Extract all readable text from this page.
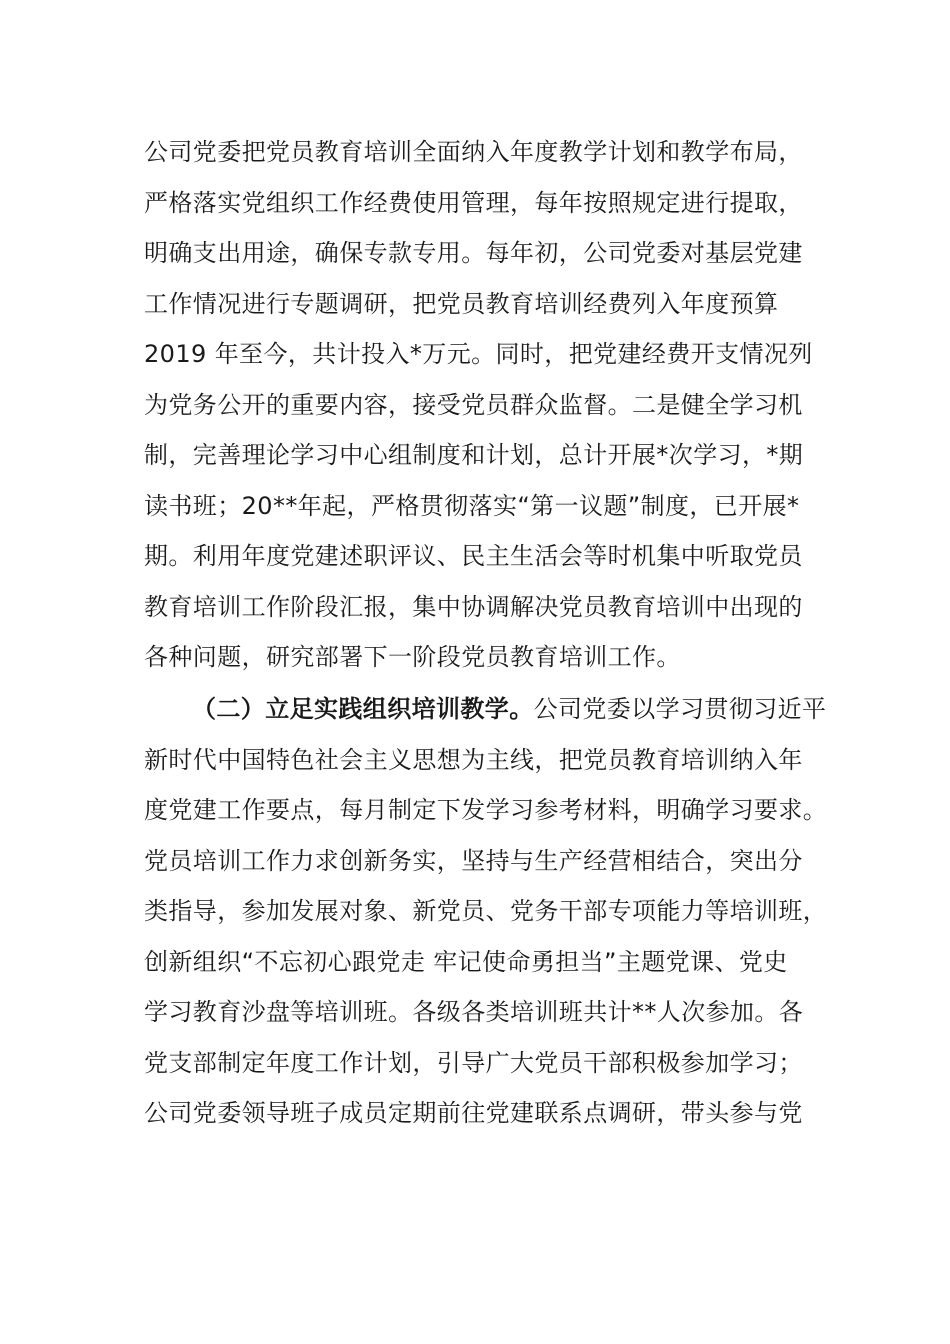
公司党委把党员教育培训全面纳入年度教学计划和教学布局，
严格落实党组织工作经费使用管理，每年按照规定进行提取，
明确支出用途，确保专款专用。每年初，公司党委对基层党建
工作情况进行专题调研，把党员教育培训经费列入年度预算
2019 年至今，共计投入*万元。同时，把党建经费开支情况列
为党务公开的重要内容，接受党员群众监督。二是健全学习机
制，完善理论学习中心组制度和计划，总计开展*次学习，*期
读书班；20**年起，严格贯彻落实“第一议题”制度，已开展*
期。利用年度党建述职评议、民主生活会等时机集中听取党员
教育培训工作阶段汇报，集中协调解决党员教育培训中出现的
各种问题，研究部署下一阶段党员教育培训工作。
（二）立足实践组织培训教学。公司党委以学习贯彻习近平
新时代中国特色社会主义思想为主线，把党员教育培训纳入年
度党建工作要点，每月制定下发学习参考材料，明确学习要求。
党员培训工作力求创新务实，坚持与生产经营相结合，突出分
类指导，参加发展对象、新党员、党务干部专项能力等培训班，
创新组织“不忘初心跟党走 牢记使命勇担当”主题党课、党史
学习教育沙盘等培训班。各级各类培训班共计**人次参加。各
党支部制定年度工作计划，引导广大党员干部积极参加学习；
公司党委领导班子成员定期前往党建联系点调研，带头参与党
